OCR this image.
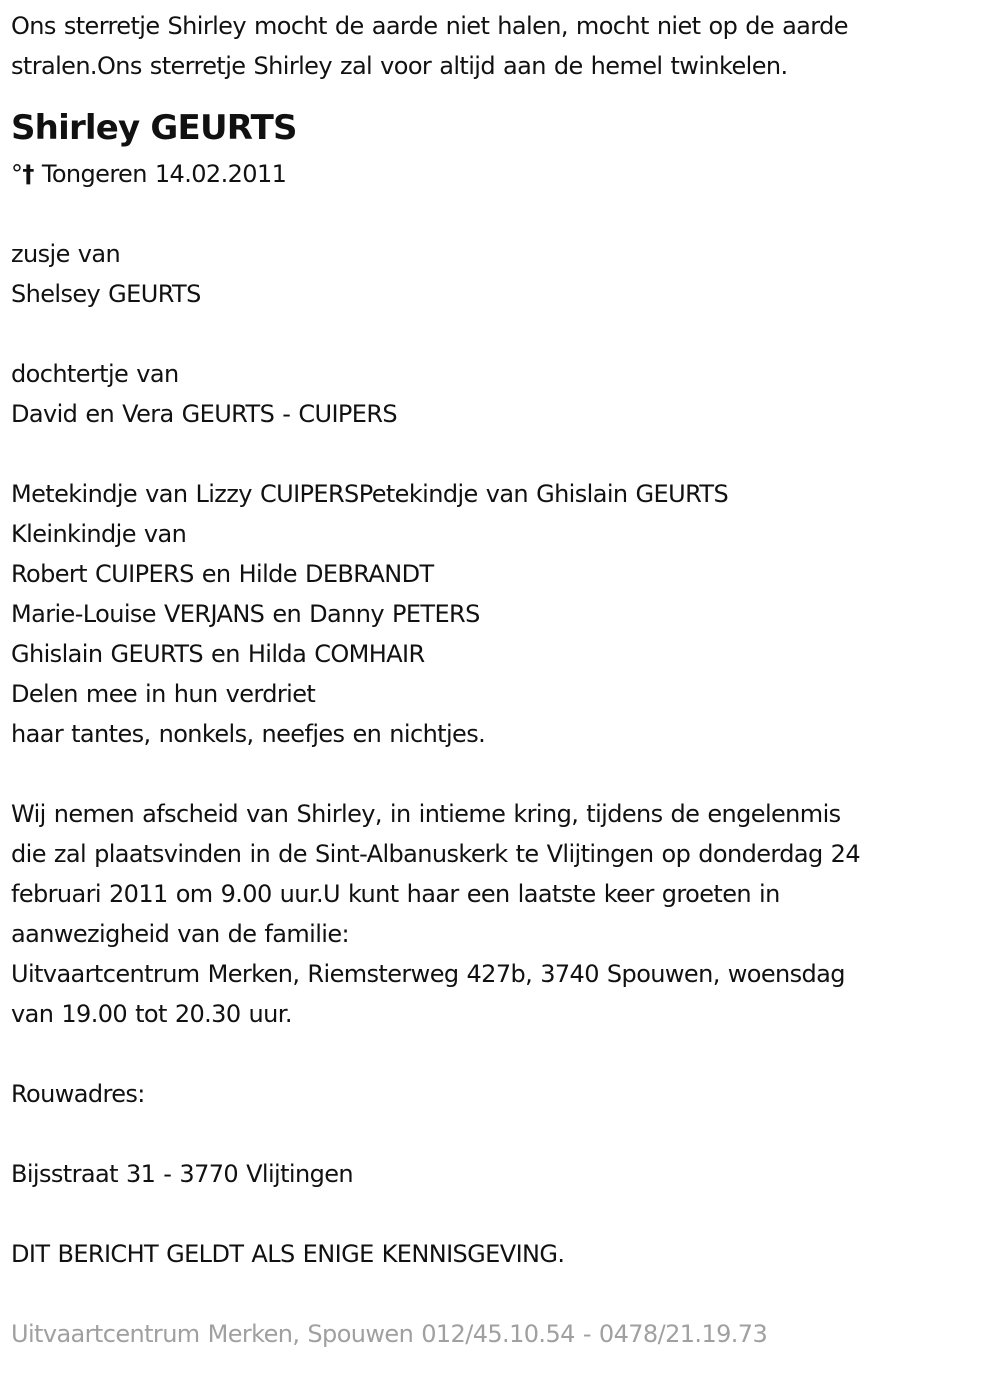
Ons sterretje Shirley mocht de aarde niet halen, mocht niet op de aarde
stralen.Ons sterretje Shirley zal voor altijd aan de hemel twinkelen.
Shirley GEURTS
°† Tongeren 14.02.2011
zusje van
Shelsey GEURTS
dochtertje van
David en Vera GEURTS - CUIPERS
Metekindje van Lizzy CUIPERSPetekindje van Ghislain GEURTS
Kleinkindje van
Robert CUIPERS en Hilde DEBRANDT
Marie-Louise VERJANS en Danny PETERS
Ghislain GEURTS en Hilda COMHAIR
Delen mee in hun verdriet
haar tantes, nonkels, neefjes en nichtjes.
Wij nemen afscheid van Shirley, in intieme kring, tijdens de engelenmis
die zal plaatsvinden in de Sint-Albanuskerk te Vlijtingen op donderdag 24
februari 2011 om 9.00 uur.U kunt haar een laatste keer groeten in
aanwezigheid van de familie:
Uitvaartcentrum Merken, Riemsterweg 427b, 3740 Spouwen, woensdag
van 19.00 tot 20.30 uur.
Rouwadres:
Bijsstraat 31 - 3770 Vlijtingen
DIT BERICHT GELDT ALS ENIGE KENNISGEVING.
Uitvaartcentrum Merken, Spouwen 012/45.10.54 - 0478/21.19.73
